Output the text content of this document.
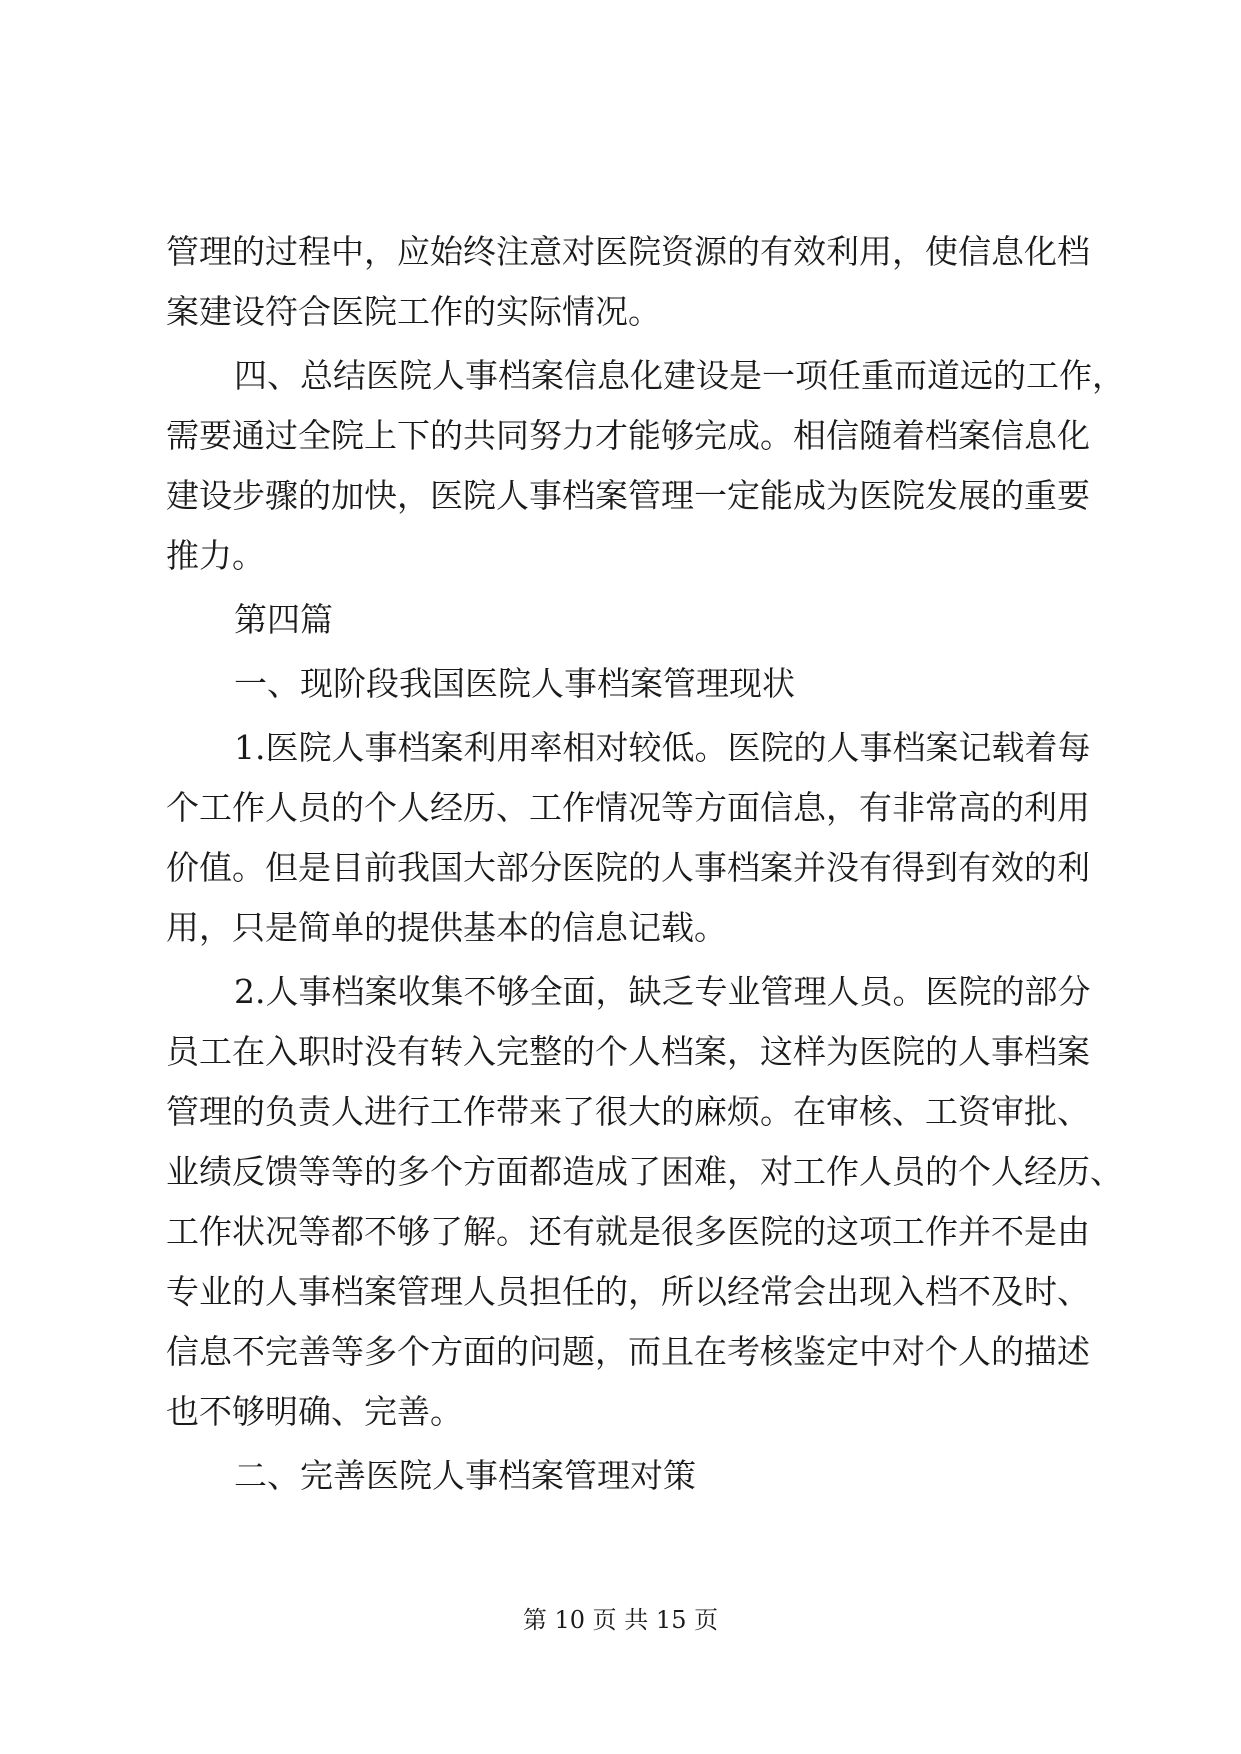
管理的过程中，应始终注意对医院资源的有效利用，使信息化档
案建设符合医院工作的实际情况。
四、总结医院人事档案信息化建设是一项任重而道远的工作，
需要通过全院上下的共同努力才能够完成。相信随着档案信息化
建设步骤的加快，医院人事档案管理一定能成为医院发展的重要
推力。
第四篇
一、现阶段我国医院人事档案管理现状
1.医院人事档案利用率相对较低。医院的人事档案记载着每
个工作人员的个人经历、工作情况等方面信息，有非常高的利用
价值。但是目前我国大部分医院的人事档案并没有得到有效的利
用，只是简单的提供基本的信息记载。
2.人事档案收集不够全面，缺乏专业管理人员。医院的部分
员工在入职时没有转入完整的个人档案，这样为医院的人事档案
管理的负责人进行工作带来了很大的麻烦。在审核、工资审批、
业绩反馈等等的多个方面都造成了困难，对工作人员的个人经历、
工作状况等都不够了解。还有就是很多医院的这项工作并不是由
专业的人事档案管理人员担任的，所以经常会出现入档不及时、
信息不完善等多个方面的问题，而且在考核鉴定中对个人的描述
也不够明确、完善。
二、完善医院人事档案管理对策
第 10 页 共 15 页
